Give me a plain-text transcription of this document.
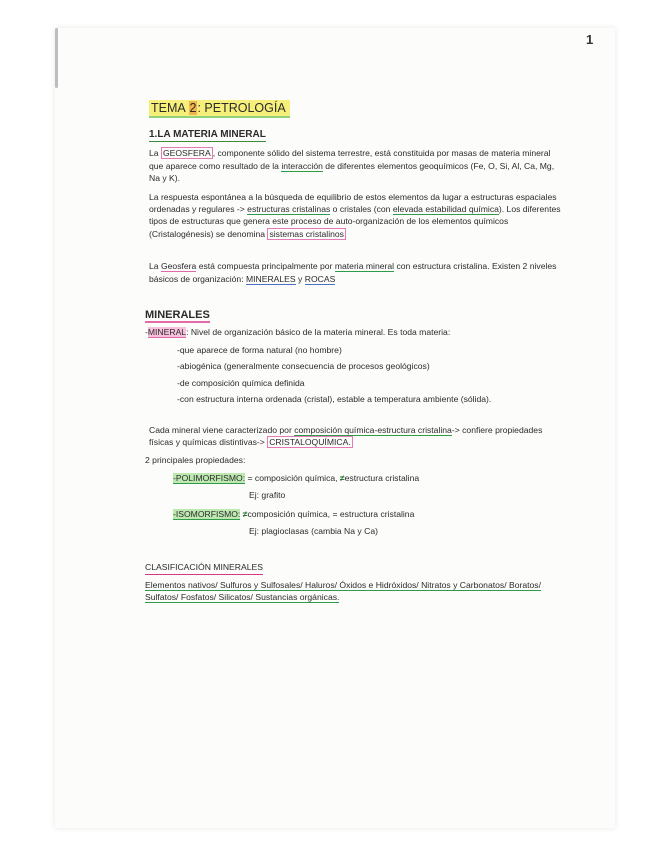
1
TEMA 2: PETROLOGÍA
1.LA MATERIA MINERAL

La GEOSFERA , componente sólido del sistema terrestre, está constituida por masas de materia mineral que aparece como resultado de la interacción de diferentes elementos geoquímicos (Fe, O, Si, Al, Ca, Mg, Na y K).

La respuesta espontánea a la búsqueda de equilibrio de estos elementos da lugar a estructuras espaciales ordenadas y regulares -> estructuras cristalinas o cristales (con elevada estabilidad química). Los diferentes tipos de estructuras que genera este proceso de auto-organización de los elementos químicos (Cristalogénesis) se denomina sistemas cristalinos

La Geosfera está compuesta principalmente por materia mineral con estructura cristalina. Existen 2 niveles básicos de organización: MINERALES y ROCAS

MINERALES

-MINERAL: Nivel de organización básico de la materia mineral. Es toda materia:

-que aparece de forma natural (no hombre)

-abiogénica (generalmente consecuencia de procesos geológicos)

-de composición química definida

-con estructura interna ordenada (cristal), estable a temperatura ambiente (sólida).

Cada mineral viene caracterizado por composición química-estructura cristalina-> confiere propiedades físicas y químicas distintivas-> CRISTALOQUÍMICA.

2 principales propiedades:

-POLIMORFISMO: = composición química, ≠estructura cristalina

Ej: grafito

-ISOMORFISMO: ≠composición química, = estructura cristalina

Ej: plagioclasas (cambia Na y Ca)

CLASIFICACIÓN MINERALES

Elementos nativos/ Sulfuros y Sulfosales/ Haluros/ Óxidos e Hidróxidos/ Nitratos y Carbonatos/ Boratos/ Sulfatos/ Fosfatos/ Silicatos/ Sustancias orgánicas.
